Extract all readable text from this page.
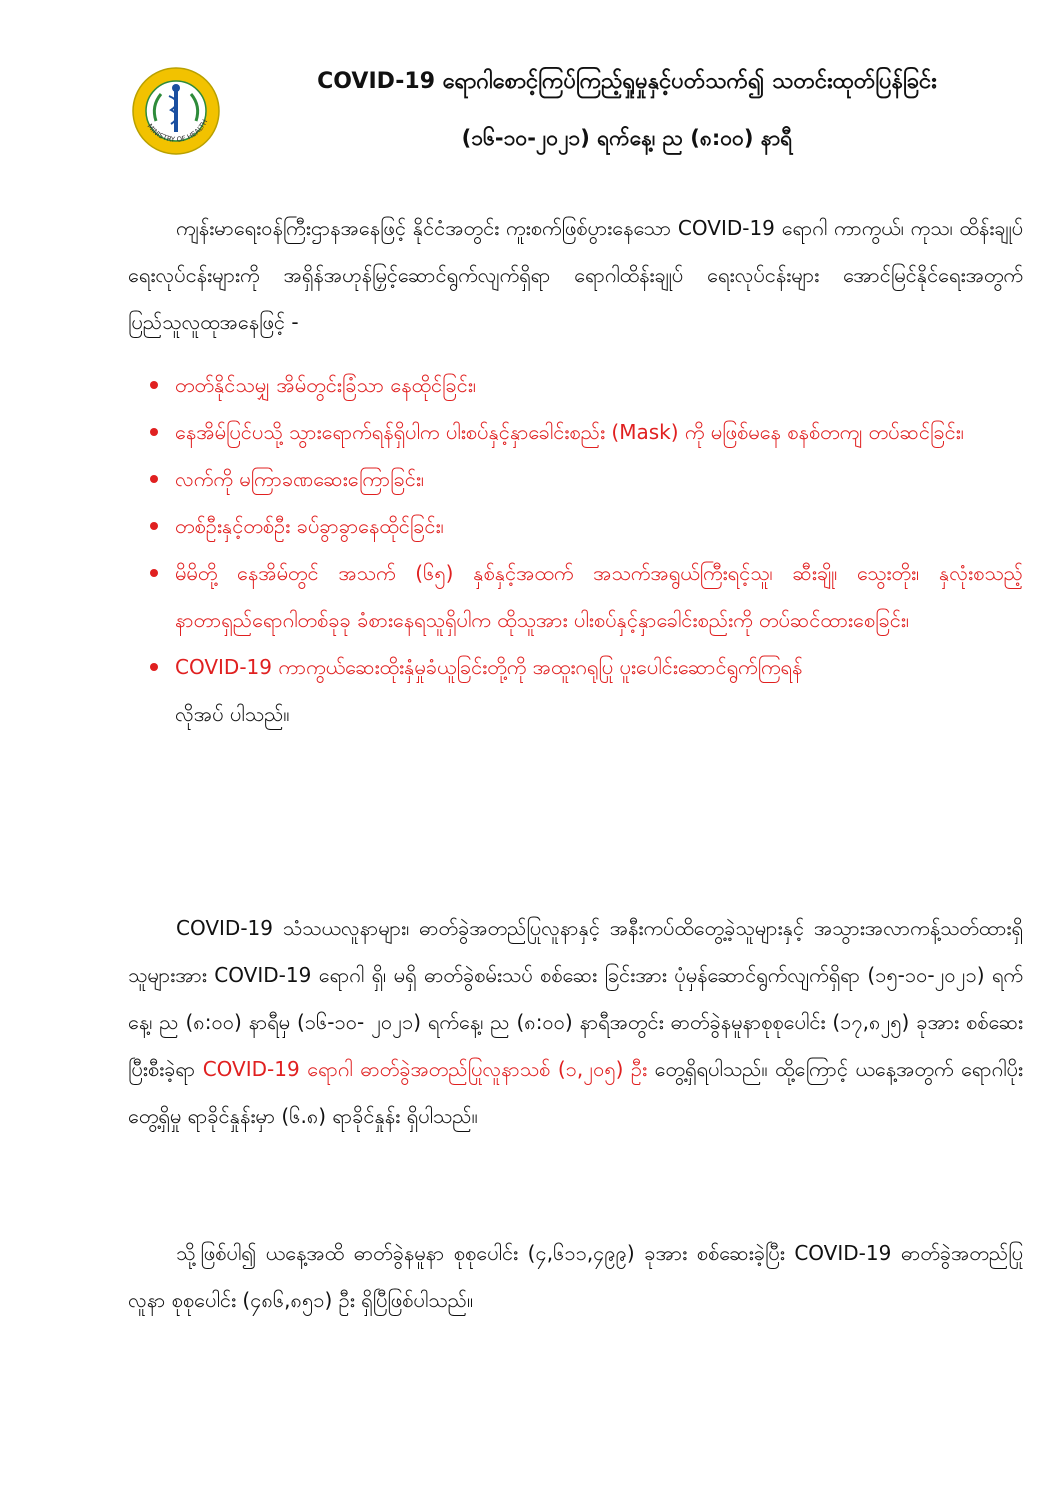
MINISTRY OF HEALTH
COVID-19 ရောဂါစောင့်ကြပ်ကြည့်ရှုမှုနှင့်ပတ်သက်၍ သတင်းထုတ်ပြန်ခြင်း
(၁၆-၁၀-၂၀၂၁) ရက်နေ့၊ ည (၈:၀၀) နာရီ

ကျန်းမာရေးဝန်ကြီးဌာနအနေဖြင့် နိုင်ငံအတွင်း ကူးစက်ဖြစ်ပွားနေသော COVID-19 ရောဂါ ကာကွယ်၊ ကုသ၊ ထိန်းချုပ်ရေးလုပ်ငန်းများကို အရှိန်အဟုန်မြှင့်ဆောင်ရွက်လျက်ရှိရာ ရောဂါထိန်းချုပ် ရေးလုပ်ငန်းများ အောင်မြင်နိုင်ရေးအတွက် ပြည်သူလူထုအနေဖြင့် -

တတ်နိုင်သမျှ အိမ်တွင်းခြံသာ နေထိုင်ခြင်း၊
နေအိမ်ပြင်ပသို့ သွားရောက်ရန်ရှိပါက ပါးစပ်နှင့်နှာခေါင်းစည်း (Mask) ကို မဖြစ်မနေ စနစ်တကျ တပ်ဆင်ခြင်း၊
လက်ကို မကြာခဏဆေးကြောခြင်း၊
တစ်ဦးနှင့်တစ်ဦး ခပ်ခွာခွာနေထိုင်ခြင်း၊
မိမိတို့ နေအိမ်တွင် အသက် (၆၅) နှစ်နှင့်အထက် အသက်အရွယ်ကြီးရင့်သူ၊ ဆီးချို၊ သွေးတိုး၊ နှလုံးစသည့် နာတာရှည်ရောဂါတစ်ခုခု ခံစားနေရသူရှိပါက ထိုသူအား ပါးစပ်နှင့်နှာခေါင်းစည်းကို တပ်ဆင်ထားစေခြင်း၊
COVID-19 ကာကွယ်ဆေးထိုးနှံမှုခံယူခြင်းတို့ကို အထူးဂရုပြု ပူးပေါင်းဆောင်ရွက်ကြရန်
လိုအပ် ပါသည်။

COVID-19 သံသယလူနာများ၊ ဓာတ်ခွဲအတည်ပြုလူနာနှင့် အနီးကပ်ထိတွေ့ခဲ့သူများနှင့် အသွားအလာကန့်သတ်ထားရှိသူများအား COVID-19 ရောဂါ ရှိ၊ မရှိ ဓာတ်ခွဲစမ်းသပ် စစ်ဆေး ခြင်းအား ပုံမှန်ဆောင်ရွက်လျက်ရှိရာ (၁၅-၁၀-၂၀၂၁) ရက်နေ့၊ ည (၈:၀၀) နာရီမှ (၁၆-၁၀- ၂၀၂၁) ရက်နေ့၊ ည (၈:၀၀) နာရီအတွင်း ဓာတ်ခွဲနမူနာစုစုပေါင်း (၁၇,၈၂၅) ခုအား စစ်ဆေးပြီးစီးခဲ့ရာ COVID-19 ရောဂါ ဓာတ်ခွဲအတည်ပြုလူနာသစ် (၁,၂၀၅) ဦး တွေ့ရှိရပါသည်။ ထို့ကြောင့် ယနေ့အတွက် ရောဂါပိုးတွေ့ရှိမှု ရာခိုင်နှုန်းမှာ (၆.၈) ရာခိုင်နှုန်း ရှိပါသည်။

သို့ဖြစ်ပါ၍ ယနေ့အထိ ဓာတ်ခွဲနမူနာ စုစုပေါင်း (၄,၆၁၁,၄၉၉) ခုအား စစ်ဆေးခဲ့ပြီး COVID-19 ဓာတ်ခွဲအတည်ပြုလူနာ စုစုပေါင်း (၄၈၆,၈၅၁) ဦး ရှိပြီဖြစ်ပါသည်။
